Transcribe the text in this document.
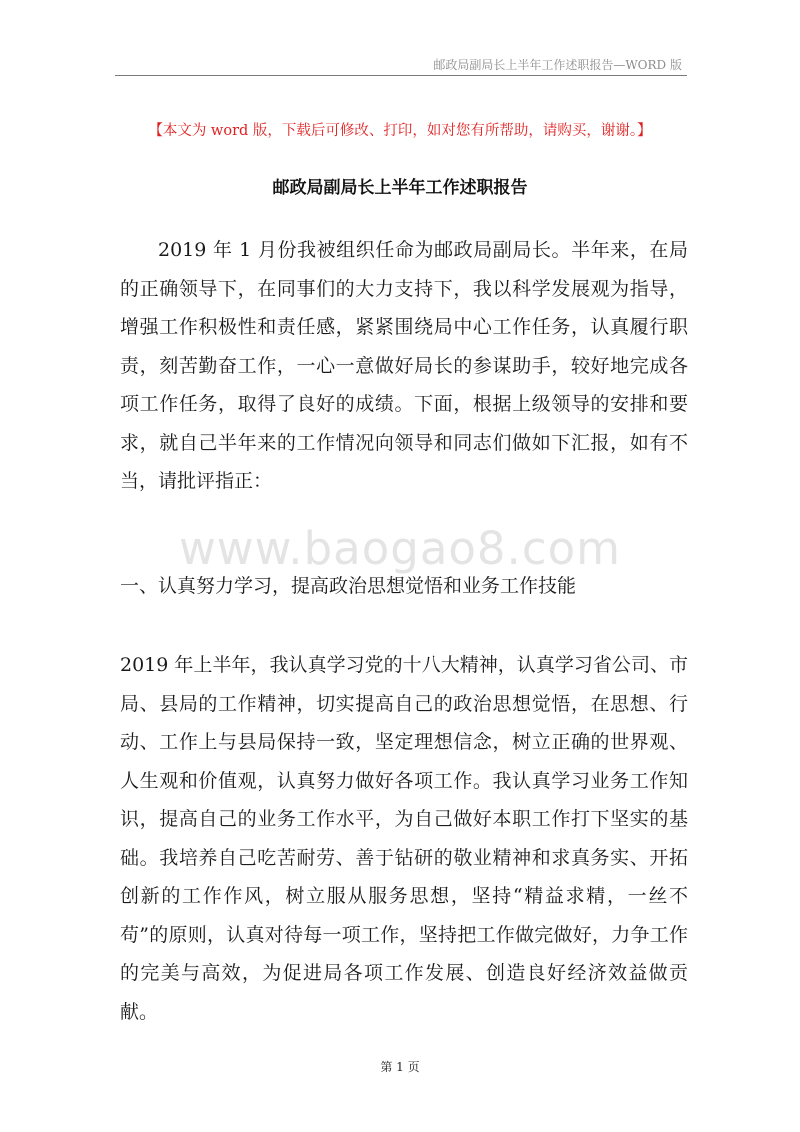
邮政局副局长上半年工作述职报告—WORD 版
【本文为 word 版，下载后可修改、打印，如对您有所帮助，请购买，谢谢。】
邮政局副局长上半年工作述职报告

2019 年 1 月份我被组织任命为邮政局副局长。半年来，在局的正确领导下，在同事们的大力支持下，我以科学发展观为指导，增强工作积极性和责任感，紧紧围绕局中心工作任务，认真履行职责，刻苦勤奋工作，一心一意做好局长的参谋助手，较好地完成各项工作任务，取得了良好的成绩。下面，根据上级领导的安排和要求，就自己半年来的工作情况向领导和同志们做如下汇报，如有不当，请批评指正：

www.baogao8.com
一、认真努力学习，提高政治思想觉悟和业务工作技能

2019 年上半年，我认真学习党的十八大精神，认真学习省公司、市局、县局的工作精神，切实提高自己的政治思想觉悟，在思想、行动、工作上与县局保持一致，坚定理想信念，树立正确的世界观、人生观和价值观，认真努力做好各项工作。我认真学习业务工作知识，提高自己的业务工作水平，为自己做好本职工作打下坚实的基础。我培养自己吃苦耐劳、善于钻研的敬业精神和求真务实、开拓创新的工作作风，树立服从服务思想，坚持“精益求精，一丝不苟”的原则，认真对待每一项工作，坚持把工作做完做好，力争工作的完美与高效，为促进局各项工作发展、创造良好经济效益做贡献。

第 1 页
